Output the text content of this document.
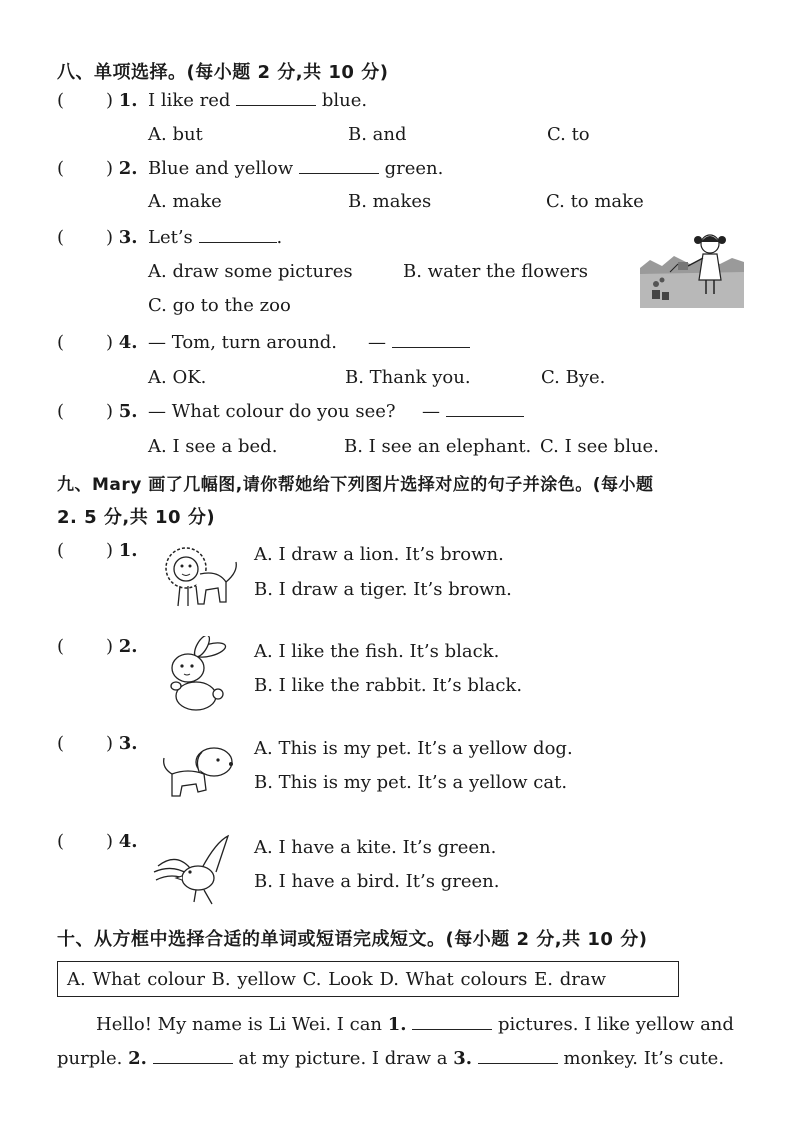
八、单项选择。(每小题 2 分,共 10 分)
( ) 1. I like red	blue.
A. but	B. and	C. to
( ) 2. Blue and yellow	green.
A. make	B. makes	C. to make
( ) 3. Let’s	.
A. draw some pictures	B. water the flowers
C. go to the zoo
( ) 4. — Tom, turn around. —
A. OK.	B. Thank you.	C. Bye.
( ) 5. — What colour do you see? —
A. I see a bed.	B. I see an elephant. C. I see blue.
九、Mary 画了几幅图,请你帮她给下列图片选择对应的句子并涂色。(每小题
2. 5 分,共 10 分)
( ) 1.	A. I draw a lion. It’s brown.
B. I draw a tiger. It’s brown.
( ) 2.	A. I like the fish. It’s black.
B. I like the rabbit. It’s black.
( ) 3.	A. This is my pet. It’s a yellow dog.
B. This is my pet. It’s a yellow cat.
( ) 4.	A. I have a kite. It’s green.
B. I have a bird. It’s green.
十、从方框中选择合适的单词或短语完成短文。(每小题 2 分,共 10 分)
A. What colour B. yellow C. Look D. What colours E. draw
Hello! My name is Li Wei. I can 1.	pictures. I like yellow and
purple. 2.	at my picture. I draw a 3.	monkey. It’s cute.
